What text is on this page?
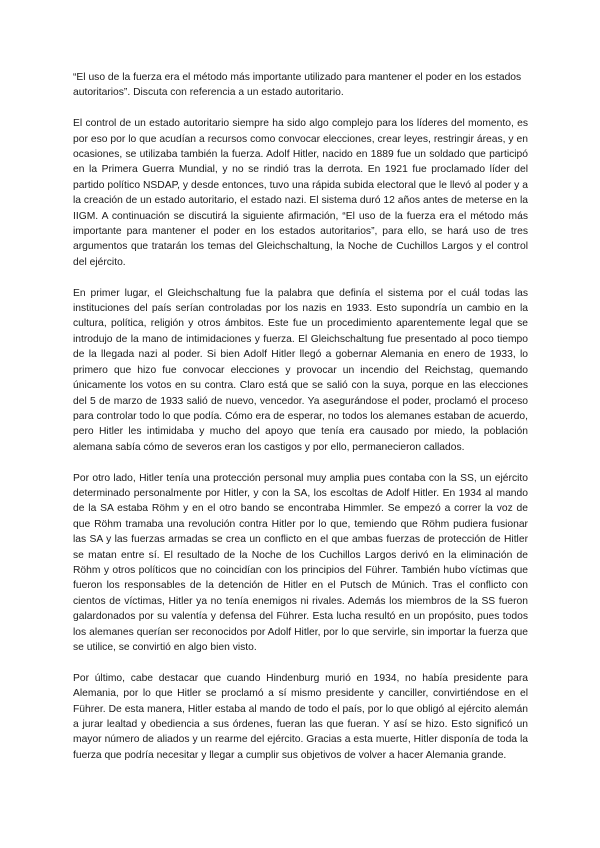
“El uso de la fuerza era el método más importante utilizado para mantener el poder en los estados autoritarios”. Discuta con referencia a un estado autoritario.

El control de un estado autoritario siempre ha sido algo complejo para los líderes del momento, es por eso por lo que acudían a recursos como convocar elecciones, crear leyes, restringir áreas, y en ocasiones, se utilizaba también la fuerza. Adolf Hitler, nacido en 1889 fue un soldado que participó en la Primera Guerra Mundial, y no se rindió tras la derrota. En 1921 fue proclamado líder del partido político NSDAP, y desde entonces, tuvo una rápida subida electoral que le llevó al poder y a la creación de un estado autoritario, el estado nazi. El sistema duró 12 años antes de meterse en la IIGM. A continuación se discutirá la siguiente afirmación, “El uso de la fuerza era el método más importante para mantener el poder en los estados autoritarios”, para ello, se hará uso de tres argumentos que tratarán los temas del Gleichschaltung, la Noche de Cuchillos Largos y el control del ejército.

En primer lugar, el Gleichschaltung fue la palabra que definía el sistema por el cuál todas las instituciones del país serían controladas por los nazis en 1933. Esto supondría un cambio en la cultura, política, religión y otros ámbitos. Este fue un procedimiento aparentemente legal que se introdujo de la mano de intimidaciones y fuerza. El Gleichschaltung fue presentado al poco tiempo de la llegada nazi al poder. Si bien Adolf Hitler llegó a gobernar Alemania en enero de 1933, lo primero que hizo fue convocar elecciones y provocar un incendio del Reichstag, quemando únicamente los votos en su contra. Claro está que se salió con la suya, porque en las elecciones del 5 de marzo de 1933 salió de nuevo, vencedor. Ya asegurándose el poder, proclamó el proceso para controlar todo lo que podía. Cómo era de esperar, no todos los alemanes estaban de acuerdo, pero Hitler les intimidaba y mucho del apoyo que tenía era causado por miedo, la población alemana sabía cómo de severos eran los castigos y por ello, permanecieron callados.

Por otro lado, Hitler tenía una protección personal muy amplia pues contaba con la SS, un ejército determinado personalmente por Hitler, y con la SA, los escoltas de Adolf Hitler. En 1934 al mando de la SA estaba Röhm y en el otro bando se encontraba Himmler. Se empezó a correr la voz de que Röhm tramaba una revolución contra Hitler por lo que, temiendo que Röhm pudiera fusionar las SA y las fuerzas armadas se crea un conflicto en el que ambas fuerzas de protección de Hitler se matan entre sí. El resultado de la Noche de los Cuchillos Largos derivó en la eliminación de Röhm y otros políticos que no coincidían con los principios del Führer. También hubo víctimas que fueron los responsables de la detención de Hitler en el Putsch de Múnich. Tras el conflicto con cientos de víctimas, Hitler ya no tenía enemigos ni rivales. Además los miembros de la SS fueron galardonados por su valentía y defensa del Führer. Esta lucha resultó en un propósito, pues todos los alemanes querían ser reconocidos por Adolf Hitler, por lo que servirle, sin importar la fuerza que se utilice, se convirtió en algo bien visto.

Por último, cabe destacar que cuando Hindenburg murió en 1934, no había presidente para Alemania, por lo que Hitler se proclamó a sí mismo presidente y canciller, convirtiéndose en el Führer. De esta manera, Hitler estaba al mando de todo el país, por lo que obligó al ejército alemán a jurar lealtad y obediencia a sus órdenes, fueran las que fueran. Y así se hizo. Esto significó un mayor número de aliados y un rearme del ejército. Gracias a esta muerte, Hitler disponía de toda la fuerza que podría necesitar y llegar a cumplir sus objetivos de volver a hacer Alemania grande.
